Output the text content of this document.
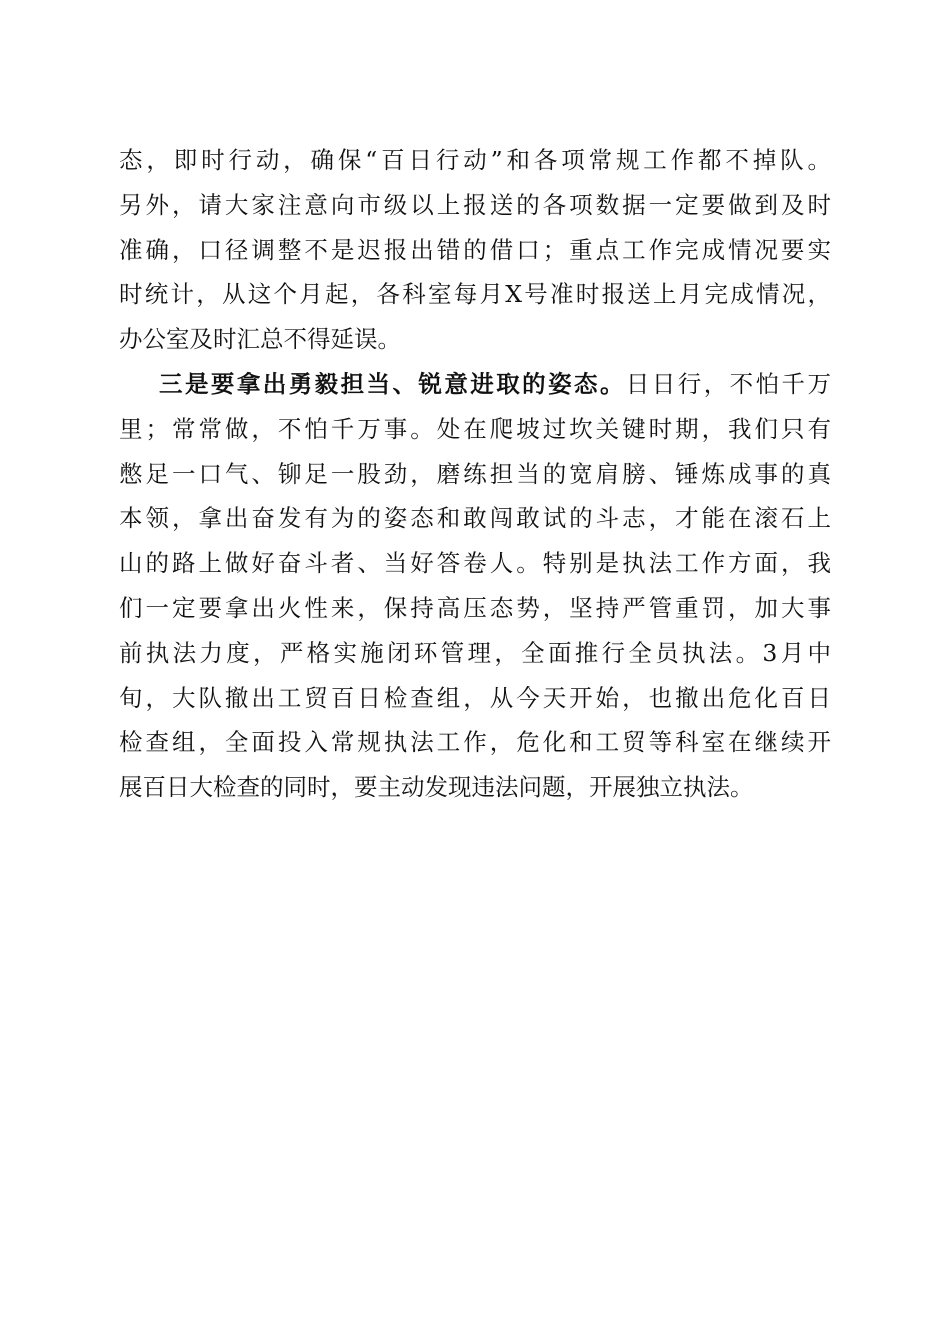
态，即时行动，确保“百日行动”和各项常规工作都不掉队。
另外，请大家注意向市级以上报送的各项数据一定要做到及时
准确，口径调整不是迟报出错的借口；重点工作完成情况要实
时统计，从这个月起，各科室每月X号准时报送上月完成情况，
办公室及时汇总不得延误。
三是要拿出勇毅担当、锐意进取的姿态。日日行，不怕千万
里；常常做，不怕千万事。处在爬坡过坎关键时期，我们只有
憋足一口气、铆足一股劲，磨练担当的宽肩膀、锤炼成事的真
本领，拿出奋发有为的姿态和敢闯敢试的斗志，才能在滚石上
山的路上做好奋斗者、当好答卷人。特别是执法工作方面，我
们一定要拿出火性来，保持高压态势，坚持严管重罚，加大事
前执法力度，严格实施闭环管理，全面推行全员执法。3月中
旬，大队撤出工贸百日检查组，从今天开始，也撤出危化百日
检查组，全面投入常规执法工作，危化和工贸等科室在继续开
展百日大检查的同时，要主动发现违法问题，开展独立执法。
